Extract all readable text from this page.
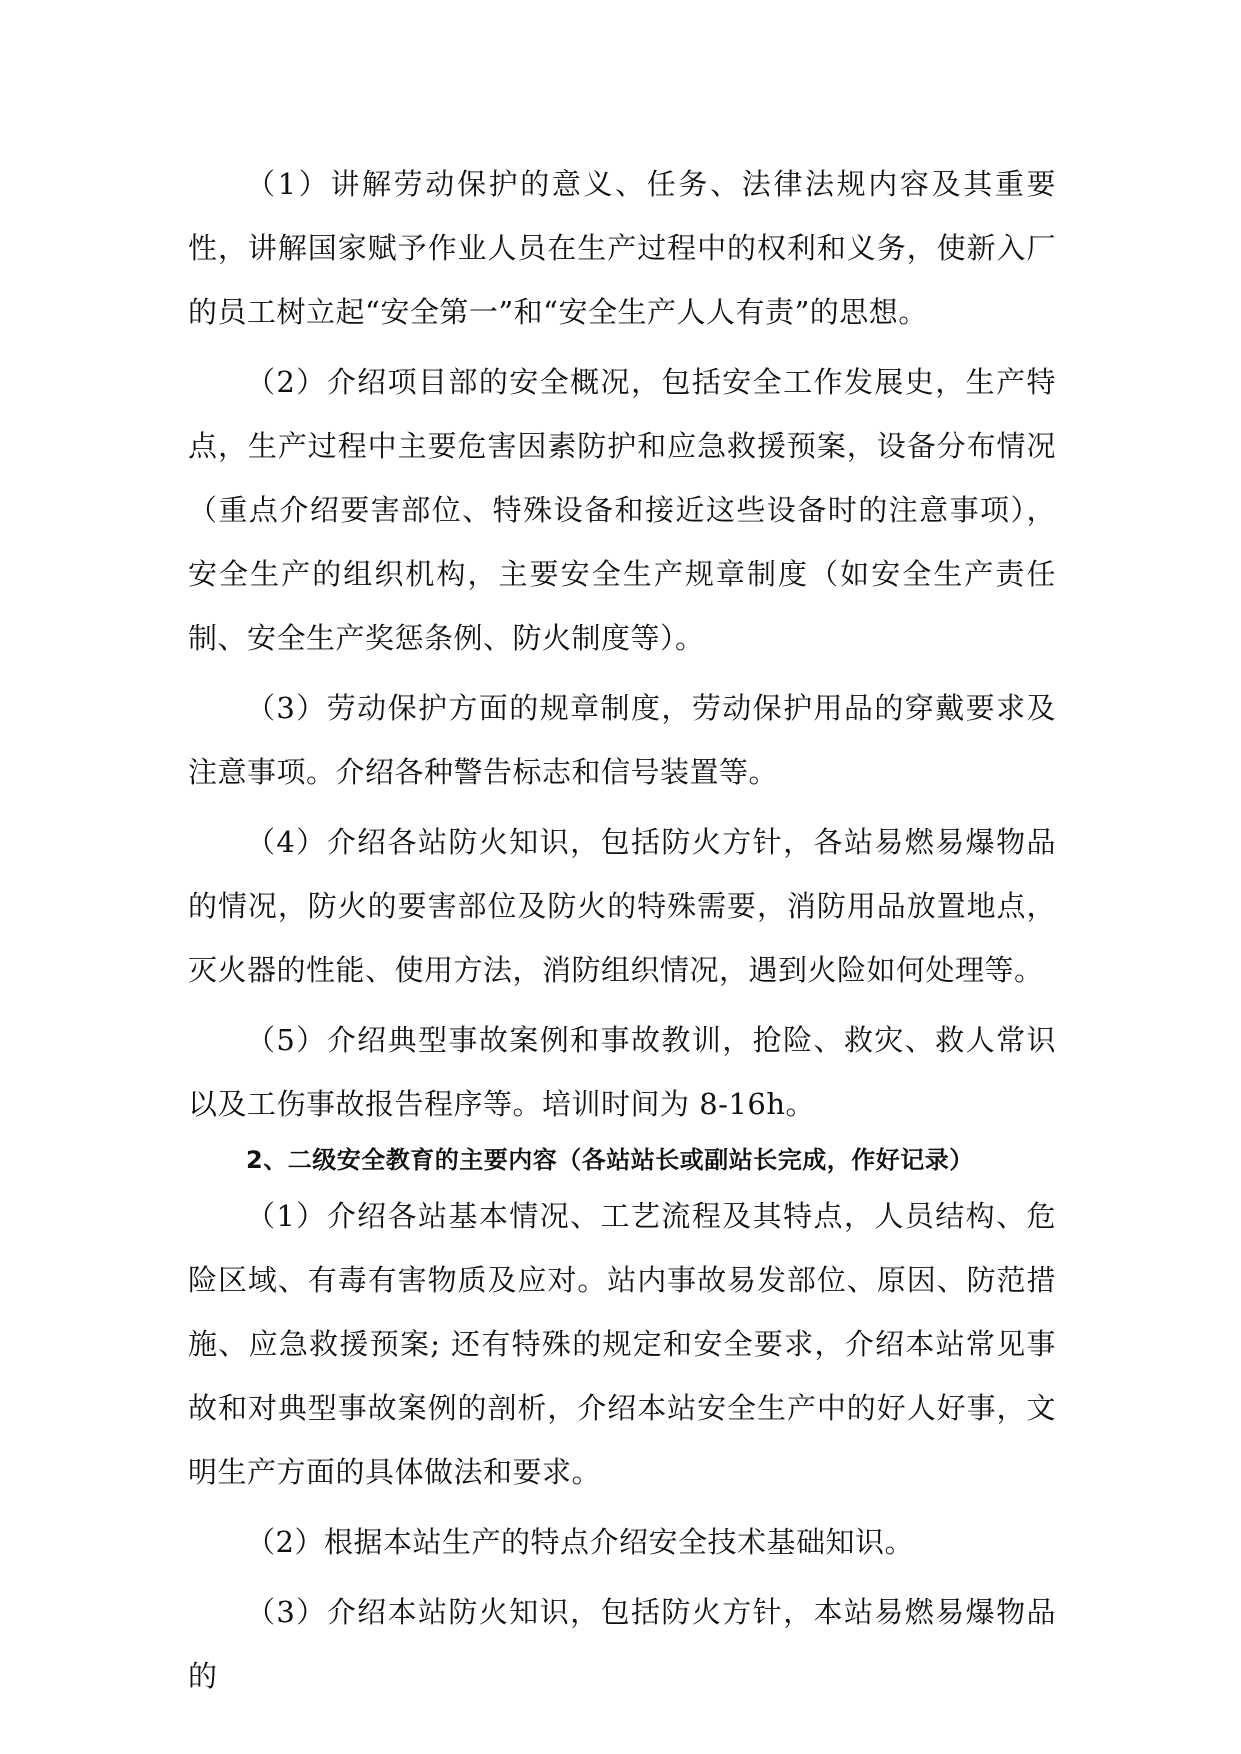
（1）讲解劳动保护的意义、任务、法律法规内容及其重要性，讲解国家赋予作业人员在生产过程中的权利和义务，使新入厂的员工树立起“安全第一”和“安全生产人人有责”的思想。

（2）介绍项目部的安全概况，包括安全工作发展史，生产特点，生产过程中主要危害因素防护和应急救援预案，设备分布情况（重点介绍要害部位、特殊设备和接近这些设备时的注意事项），安全生产的组织机构，主要安全生产规章制度（如安全生产责任制、安全生产奖惩条例、防火制度等）。

（3）劳动保护方面的规章制度，劳动保护用品的穿戴要求及注意事项。介绍各种警告标志和信号装置等。

（4）介绍各站防火知识，包括防火方针，各站易燃易爆物品的情况，防火的要害部位及防火的特殊需要，消防用品放置地点，灭火器的性能、使用方法，消防组织情况，遇到火险如何处理等。

（5）介绍典型事故案例和事故教训，抢险、救灾、救人常识以及工伤事故报告程序等。培训时间为 8-16h。

2、二级安全教育的主要内容（各站站长或副站长完成，作好记录）

（1）介绍各站基本情况、工艺流程及其特点，人员结构、危险区域、有毒有害物质及应对。站内事故易发部位、原因、防范措施、应急救援预案; 还有特殊的规定和安全要求，介绍本站常见事故和对典型事故案例的剖析，介绍本站安全生产中的好人好事，文明生产方面的具体做法和要求。

（2）根据本站生产的特点介绍安全技术基础知识。

（3）介绍本站防火知识，包括防火方针，本站易燃易爆物品的
